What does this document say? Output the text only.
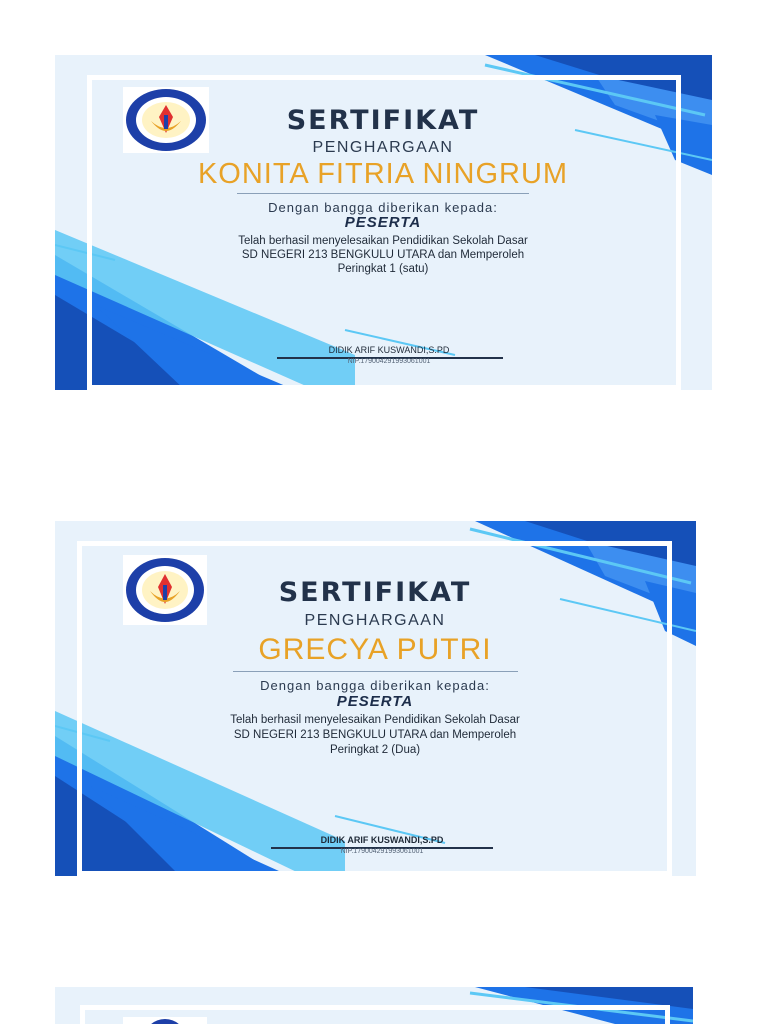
SERTIFIKAT
PENGHARGAAN
KONITA FITRIA NINGRUM
Dengan bangga diberikan kepada:
PESERTA
Telah berhasil menyelesaikan Pendidikan Sekolah Dasar
SD NEGERI 213 BENGKULU UTARA dan Memperoleh
Peringkat 1 (satu)
DIDIK ARIF KUSWANDI,S.PD
NIP.179004291993061001
SERTIFIKAT
PENGHARGAAN
GRECYA PUTRI
Dengan bangga diberikan kepada:
PESERTA
Telah berhasil menyelesaikan Pendidikan Sekolah Dasar
SD NEGERI 213 BENGKULU UTARA dan Memperoleh
Peringkat 2 (Dua)
DIDIK ARIF KUSWANDI,S.PD
NIP.179004291993061001
